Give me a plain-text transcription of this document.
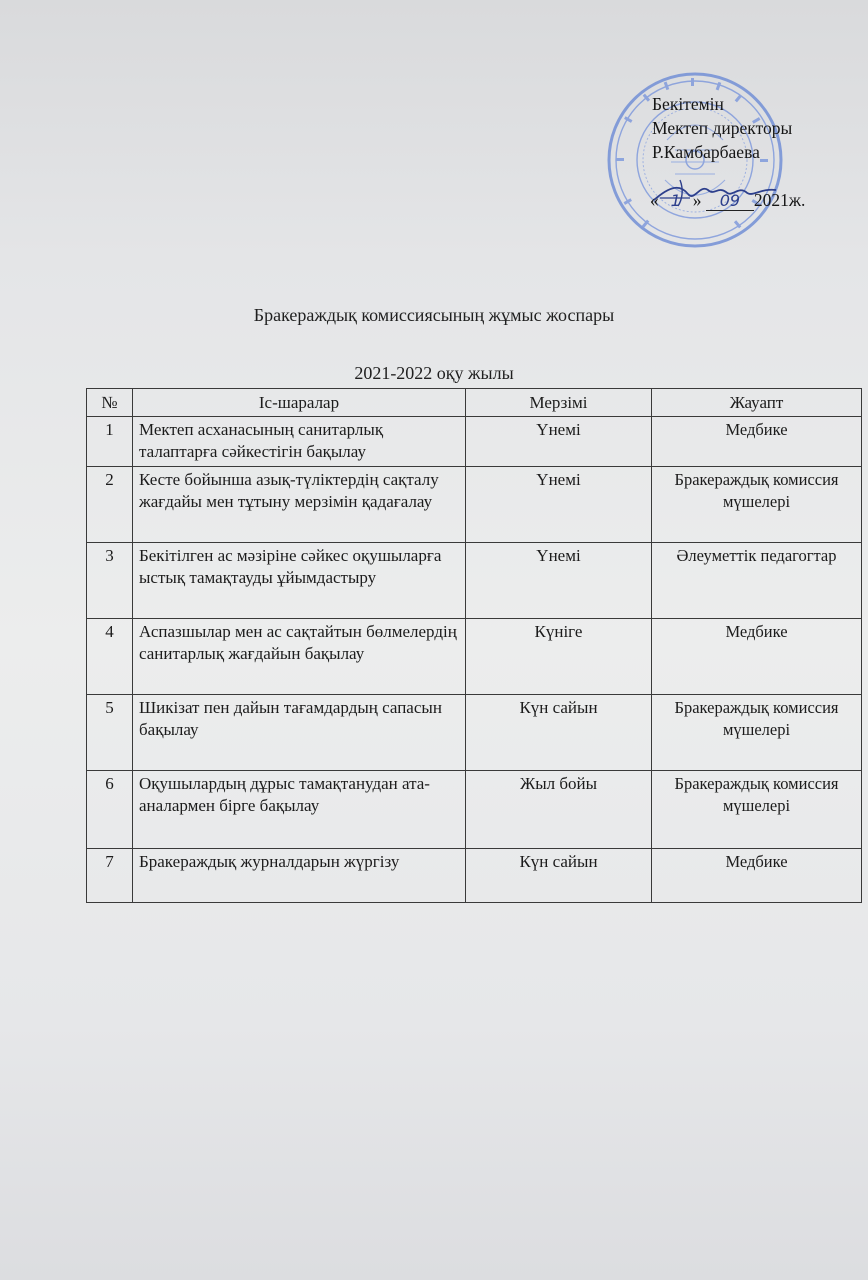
Бекітемін
Мектеп директоры
Р.Камбарбаева
« 1 » 09 2021ж.
Бракераждық комиссиясының жұмыс жоспары
2021-2022 оқу жылы
№	Іс-шаралар	Мерзімі	Жауапт
1	Мектеп асханасының санитарлық талаптарға сәйкестігін бақылау	Үнемі	Медбике
2	Кесте бойынша азық-түліктердің сақталу жағдайы мен тұтыну мерзімін қадағалау	Үнемі	Бракераждық комиссия мүшелері
3	Бекітілген ас мәзіріне сәйкес оқушыларға ыстық тамақтауды ұйымдастыру	Үнемі	Әлеуметтік педагогтар
4	Аспазшылар мен ас сақтайтын бөлмелердің санитарлық жағдайын бақылау	Күніге	Медбике
5	Шикізат пен дайын тағамдардың сапасын бақылау	Күн сайын	Бракераждық комиссия мүшелері
6	Оқушылардың дұрыс тамақтанудан ата-аналармен бірге бақылау	Жыл бойы	Бракераждық комиссия мүшелері
7	Бракераждық журналдарын жүргізу	Күн сайын	Медбике
